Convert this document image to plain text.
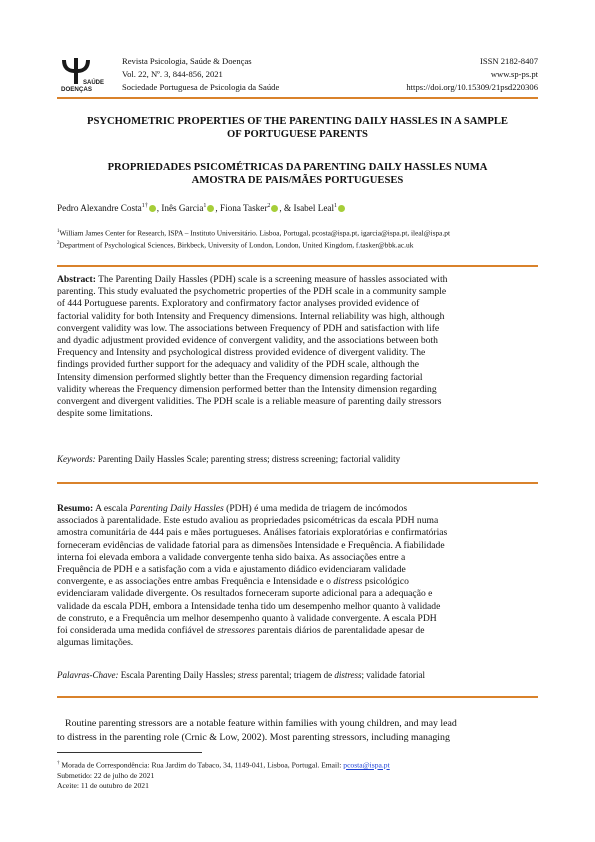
SAÚDE
DOENÇAS
Revista Psicologia, Saúde & Doenças
Vol. 22, Nº. 3, 844-856, 2021
Sociedade Portuguesa de Psicologia da Saúde
ISSN 2182-8407
www.sp-ps.pt
https://doi.org/10.15309/21psd220306
PSYCHOMETRIC PROPERTIES OF THE PARENTING DAILY HASSLES IN A SAMPLE
OF PORTUGUESE PARENTS
PROPRIEDADES PSICOMÉTRICAS DA PARENTING DAILY HASSLES NUMA
AMOSTRA DE PAIS/MÃES PORTUGUESES
Pedro Alexandre Costa$^{1\dagger}$ , Inês Garcia$^1$ , Fiona Tasker$^2$ , & Isabel Leal$^1$
$^1$William James Center for Research, ISPA – Instituto Universitário. Lisboa, Portugal, pcosta@ispa.pt, igarcia@ispa.pt, ileal@ispa.pt
$^2$Department of Psychological Sciences, Birkbeck, University of London, London, United Kingdom, f.tasker@bbk.ac.uk
Abstract: The Parenting Daily Hassles (PDH) scale is a screening measure of hassles associated with
parenting. This study evaluated the psychometric properties of the PDH scale in a community sample
of 444 Portuguese parents. Exploratory and confirmatory factor analyses provided evidence of
factorial validity for both Intensity and Frequency dimensions. Internal reliability was high, although
convergent validity was low. The associations between Frequency of PDH and satisfaction with life
and dyadic adjustment provided evidence of convergent validity, and the associations between both
Frequency and Intensity and psychological distress provided evidence of divergent validity. The
findings provided further support for the adequacy and validity of the PDH scale, although the
Intensity dimension performed slightly better than the Frequency dimension regarding factorial
validity whereas the Frequency dimension performed better than the Intensity dimension regarding
convergent and divergent validities. The PDH scale is a reliable measure of parenting daily stressors
despite some limitations.
Keywords: Parenting Daily Hassles Scale; parenting stress; distress screening; factorial validity
Resumo: A escala Parenting Daily Hassles (PDH) é uma medida de triagem de incómodos
associados à parentalidade. Este estudo avaliou as propriedades psicométricas da escala PDH numa
amostra comunitária de 444 pais e mães portugueses. Análises fatoriais exploratórias e confirmatórias
forneceram evidências de validade fatorial para as dimensões Intensidade e Frequência. A fiabilidade
interna foi elevada embora a validade convergente tenha sido baixa. As associações entre a
Frequência de PDH e a satisfação com a vida e ajustamento diádico evidenciaram validade
convergente, e as associações entre ambas Frequência e Intensidade e o distress psicológico
evidenciaram validade divergente. Os resultados forneceram suporte adicional para a adequação e
validade da escala PDH, embora a Intensidade tenha tido um desempenho melhor quanto à validade
de construto, e a Frequência um melhor desempenho quanto à validade convergente. A escala PDH
foi considerada uma medida confiável de stressores parentais diários de parentalidade apesar de
algumas limitações.
Palavras-Chave: Escala Parenting Daily Hassles; stress parental; triagem de distress; validade fatorial
Routine parenting stressors are a notable feature within families with young children, and may lead
to distress in the parenting role (Crnic & Low, 2002). Most parenting stressors, including managing
† Morada de Correspondência: Rua Jardim do Tabaco, 34, 1149-041, Lisboa, Portugal. Email: pcosta@ispa.pt
Submetido: 22 de julho de 2021
Aceite: 11 de outubro de 2021
